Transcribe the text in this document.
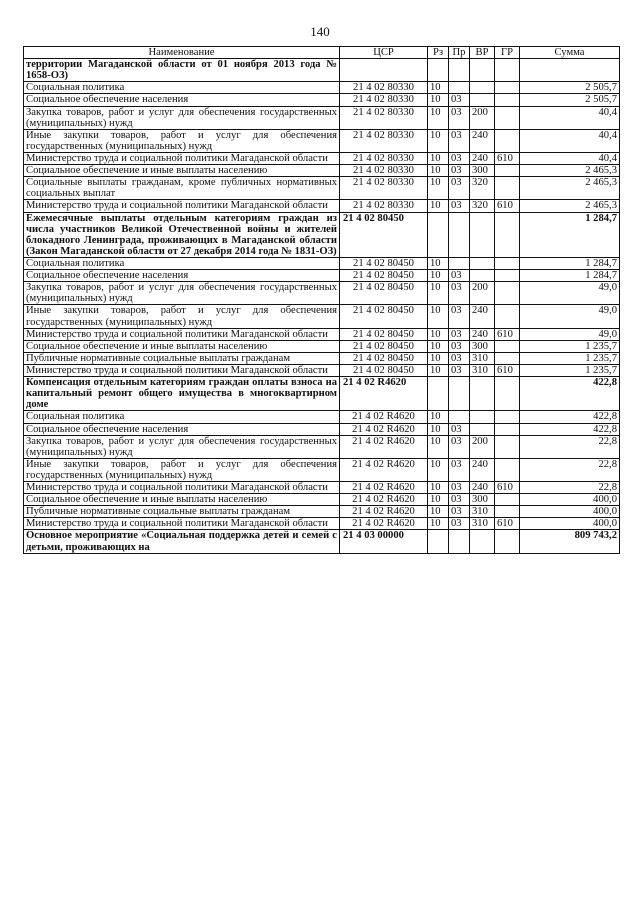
140
Наименование	ЦСР	Рз	Пр	ВР	ГР	Сумма
территории Магаданской области от 01 ноября 2013 года № 1658-ОЗ)						
Социальная политика	21 4 02 80330	10				2 505,7
Социальное обеспечение населения	21 4 02 80330	10	03			2 505,7
Закупка товаров, работ и услуг для обеспечения государственных (муниципальных) нужд	21 4 02 80330	10	03	200		40,4
Иные закупки товаров, работ и услуг для обеспечения государственных (муниципальных) нужд	21 4 02 80330	10	03	240		40,4
Министерство труда и социальной политики Магаданской области	21 4 02 80330	10	03	240	610	40,4
Социальное обеспечение и иные выплаты населению	21 4 02 80330	10	03	300		2 465,3
Социальные выплаты гражданам, кроме публичных нормативных социальных выплат	21 4 02 80330	10	03	320		2 465,3
Министерство труда и социальной политики Магаданской области	21 4 02 80330	10	03	320	610	2 465,3
Ежемесячные выплаты отдельным категориям граждан из числа участников Великой Отечественной войны и жителей блокадного Ленинграда, проживающих в Магаданской области (Закон Магаданской области от 27 декабря 2014 года № 1831-ОЗ)	21 4 02 80450					1 284,7
Социальная политика	21 4 02 80450	10				1 284,7
Социальное обеспечение населения	21 4 02 80450	10	03			1 284,7
Закупка товаров, работ и услуг для обеспечения государственных (муниципальных) нужд	21 4 02 80450	10	03	200		49,0
Иные закупки товаров, работ и услуг для обеспечения государственных (муниципальных) нужд	21 4 02 80450	10	03	240		49,0
Министерство труда и социальной политики Магаданской области	21 4 02 80450	10	03	240	610	49,0
Социальное обеспечение и иные выплаты населению	21 4 02 80450	10	03	300		1 235,7
Публичные нормативные социальные выплаты гражданам	21 4 02 80450	10	03	310		1 235,7
Министерство труда и социальной политики Магаданской области	21 4 02 80450	10	03	310	610	1 235,7
Компенсация отдельным категориям граждан оплаты взноса на капитальный ремонт общего имущества в многоквартирном доме	21 4 02 R4620					422,8
Социальная политика	21 4 02 R4620	10				422,8
Социальное обеспечение населения	21 4 02 R4620	10	03			422,8
Закупка товаров, работ и услуг для обеспечения государственных (муниципальных) нужд	21 4 02 R4620	10	03	200		22,8
Иные закупки товаров, работ и услуг для обеспечения государственных (муниципальных) нужд	21 4 02 R4620	10	03	240		22,8
Министерство труда и социальной политики Магаданской области	21 4 02 R4620	10	03	240	610	22,8
Социальное обеспечение и иные выплаты населению	21 4 02 R4620	10	03	300		400,0
Публичные нормативные социальные выплаты гражданам	21 4 02 R4620	10	03	310		400,0
Министерство труда и социальной политики Магаданской области	21 4 02 R4620	10	03	310	610	400,0
Основное мероприятие «Социальная поддержка детей и семей с детьми, проживающих на	21 4 03 00000					809 743,2
